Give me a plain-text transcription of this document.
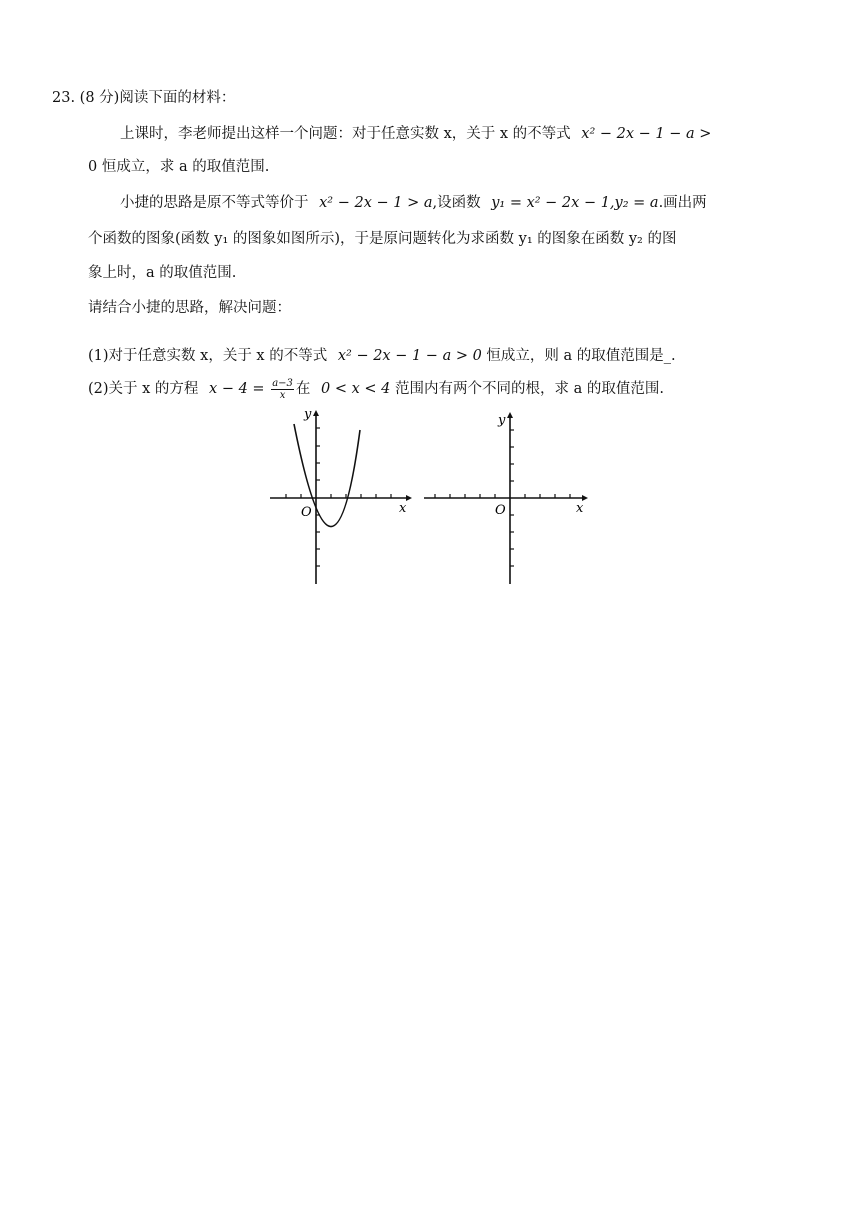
23. (8 分)阅读下面的材料：
上课时，李老师提出这样一个问题：对于任意实数 x，关于 x 的不等式 x² − 2x − 1 − a >
0 恒成立，求 a 的取值范围.
小捷的思路是原不等式等价于 x² − 2x − 1 > a,设函数 y₁ = x² − 2x − 1,y₂ = a.画出两
个函数的图象(函数 y₁ 的图象如图所示)，于是原问题转化为求函数 y₁ 的图象在函数 y₂ 的图
象上时，a 的取值范围.
请结合小捷的思路，解决问题：
(1)对于任意实数 x，关于 x 的不等式 x² − 2x − 1 − a > 0 恒成立，则 a 的取值范围是_.
(2)关于 x 的方程 $x - 4 = \frac{a-3}{x}$ 在 0 < x < 4 范围内有两个不同的根，求 a 的取值范围.
y
x
O
y
x
O
